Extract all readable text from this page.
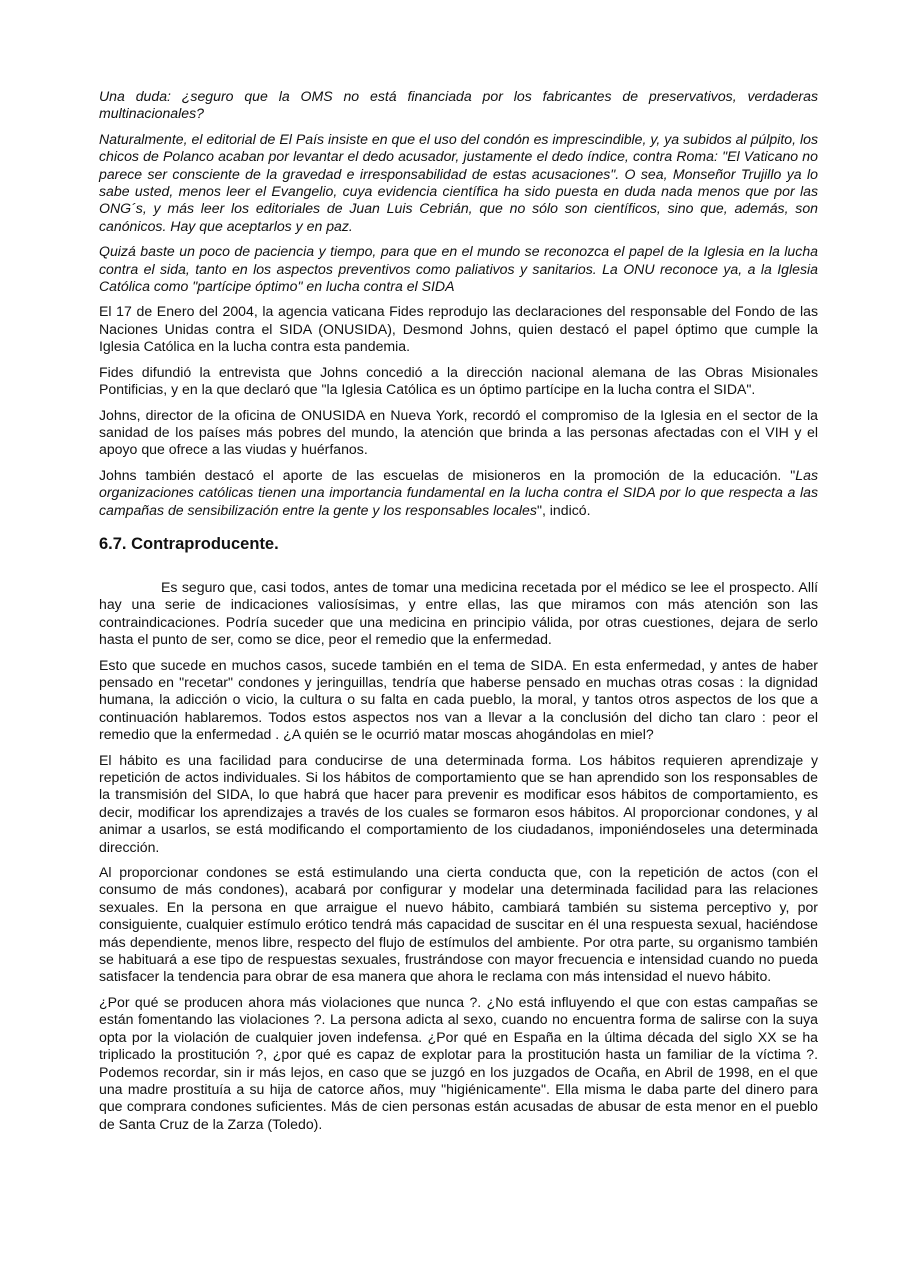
Una duda: ¿seguro que la OMS no está financiada por los fabricantes de preservativos, verdaderas multinacionales?

Naturalmente, el editorial de El País insiste en que el uso del condón es imprescindible, y, ya subidos al púlpito, los chicos de Polanco acaban por levantar el dedo acusador, justamente el dedo índice, contra Roma: "El Vaticano no parece ser consciente de la gravedad e irresponsabilidad de estas acusaciones". O sea, Monseñor Trujillo ya lo sabe usted, menos leer el Evangelio, cuya evidencia científica ha sido puesta en duda nada menos que por las ONG´s, y más leer los editoriales de Juan Luis Cebrián, que no sólo son científicos, sino que, además, son canónicos. Hay que aceptarlos y en paz.

Quizá baste un poco de paciencia y tiempo, para que en el mundo se reconozca el papel de la Iglesia en la lucha contra el sida, tanto en los aspectos preventivos como paliativos y sanitarios. La ONU reconoce ya, a la Iglesia Católica como "partícipe óptimo" en lucha contra el SIDA

El 17 de Enero del 2004, la agencia vaticana Fides reprodujo las declaraciones del responsable del Fondo de las Naciones Unidas contra el SIDA (ONUSIDA), Desmond Johns, quien destacó el papel óptimo que cumple la Iglesia Católica en la lucha contra esta pandemia.

Fides difundió la entrevista que Johns concedió a la dirección nacional alemana de las Obras Misionales Pontificias, y en la que declaró que "la Iglesia Católica es un óptimo partícipe en la lucha contra el SIDA".

Johns, director de la oficina de ONUSIDA en Nueva York, recordó el compromiso de la Iglesia en el sector de la sanidad de los países más pobres del mundo, la atención que brinda a las personas afectadas con el VIH y el apoyo que ofrece a las viudas y huérfanos.

Johns también destacó el aporte de las escuelas de misioneros en la promoción de la educación. "Las organizaciones católicas tienen una importancia fundamental en la lucha contra el SIDA por lo que respecta a las campañas de sensibilización entre la gente y los responsables locales", indicó.

6.7. Contraproducente.

Es seguro que, casi todos, antes de tomar una medicina recetada por el médico se lee el prospecto. Allí hay una serie de indicaciones valiosísimas, y entre ellas, las que miramos con más atención son las contraindicaciones. Podría suceder que una medicina en principio válida, por otras cuestiones, dejara de serlo hasta el punto de ser, como se dice, peor el remedio que la enfermedad.

Esto que sucede en muchos casos, sucede también en el tema de SIDA. En esta enfermedad, y antes de haber pensado en "recetar" condones y jeringuillas, tendría que haberse pensado en muchas otras cosas : la dignidad humana, la adicción o vicio, la cultura o su falta en cada pueblo, la moral, y tantos otros aspectos de los que a continuación hablaremos. Todos estos aspectos nos van a llevar a la conclusión del dicho tan claro : peor el remedio que la enfermedad . ¿A quién se le ocurrió matar moscas ahogándolas en miel?

El hábito es una facilidad para conducirse de una determinada forma. Los hábitos requieren aprendizaje y repetición de actos individuales. Si los hábitos de comportamiento que se han aprendido son los responsables de la transmisión del SIDA, lo que habrá que hacer para prevenir es modificar esos hábitos de comportamiento, es decir, modificar los aprendizajes a través de los cuales se formaron esos hábitos. Al proporcionar condones, y al animar a usarlos, se está modificando el comportamiento de los ciudadanos, imponiéndoseles una determinada dirección.

Al proporcionar condones se está estimulando una cierta conducta que, con la repetición de actos (con el consumo de más condones), acabará por configurar y modelar una determinada facilidad para las relaciones sexuales. En la persona en que arraigue el nuevo hábito, cambiará también su sistema perceptivo y, por consiguiente, cualquier estímulo erótico tendrá más capacidad de suscitar en él una respuesta sexual, haciéndose más dependiente, menos libre, respecto del flujo de estímulos del ambiente. Por otra parte, su organismo también se habituará a ese tipo de respuestas sexuales, frustrándose con mayor frecuencia e intensidad cuando no pueda satisfacer la tendencia para obrar de esa manera que ahora le reclama con más intensidad el nuevo hábito.

¿Por qué se producen ahora más violaciones que nunca ?. ¿No está influyendo el que con estas campañas se están fomentando las violaciones ?. La persona adicta al sexo, cuando no encuentra forma de salirse con la suya opta por la violación de cualquier joven indefensa. ¿Por qué en España en la última década del siglo XX se ha triplicado la prostitución ?, ¿por qué es capaz de explotar para la prostitución hasta un familiar de la víctima ?. Podemos recordar, sin ir más lejos, en caso que se juzgó en los juzgados de Ocaña, en Abril de 1998, en el que una madre prostituía a su hija de catorce años, muy "higiénicamente". Ella misma le daba parte del dinero para que comprara condones suficientes. Más de cien personas están acusadas de abusar de esta menor en el pueblo de Santa Cruz de la Zarza (Toledo).
